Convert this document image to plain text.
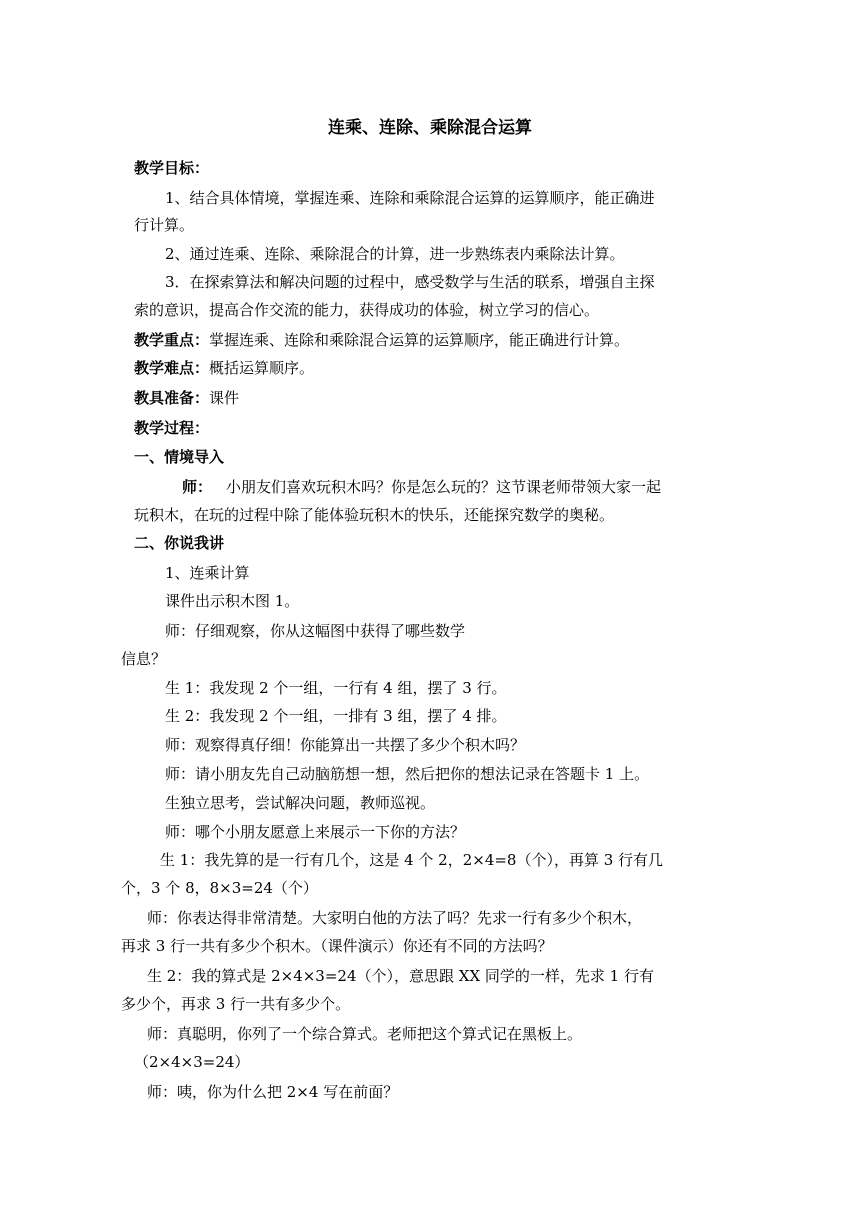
连乘、连除、乘除混合运算
教学目标：
1、结合具体情境，掌握连乘、连除和乘除混合运算的运算顺序，能正确进
行计算。
2、通过连乘、连除、乘除混合的计算，进一步熟练表内乘除法计算。
3．在探索算法和解决问题的过程中，感受数学与生活的联系，增强自主探
索的意识，提高合作交流的能力，获得成功的体验，树立学习的信心。
教学重点：掌握连乘、连除和乘除混合运算的运算顺序，能正确进行计算。
教学难点：概括运算顺序。
教具准备：课件
教学过程：
一、情境导入
师： 小朋友们喜欢玩积木吗？你是怎么玩的？这节课老师带领大家一起
玩积木，在玩的过程中除了能体验玩积木的快乐，还能探究数学的奥秘。
二、你说我讲
1、连乘计算
课件出示积木图 1。
师：仔细观察，你从这幅图中获得了哪些数学
信息？
生 1：我发现 2 个一组，一行有 4 组，摆了 3 行。
生 2：我发现 2 个一组，一排有 3 组，摆了 4 排。
师：观察得真仔细！你能算出一共摆了多少个积木吗？
师：请小朋友先自己动脑筋想一想，然后把你的想法记录在答题卡 1 上。
生独立思考，尝试解决问题，教师巡视。
师：哪个小朋友愿意上来展示一下你的方法？
生 1：我先算的是一行有几个，这是 4 个 2，2×4=8（个），再算 3 行有几
个，3 个 8，8×3=24（个）
师：你表达得非常清楚。大家明白他的方法了吗？先求一行有多少个积木，
再求 3 行一共有多少个积木。（课件演示）你还有不同的方法吗？
生 2：我的算式是 2×4×3=24（个），意思跟 XX 同学的一样，先求 1 行有
多少个，再求 3 行一共有多少个。
师：真聪明，你列了一个综合算式。老师把这个算式记在黑板上。
（2×4×3=24）
师：咦，你为什么把 2×4 写在前面？
